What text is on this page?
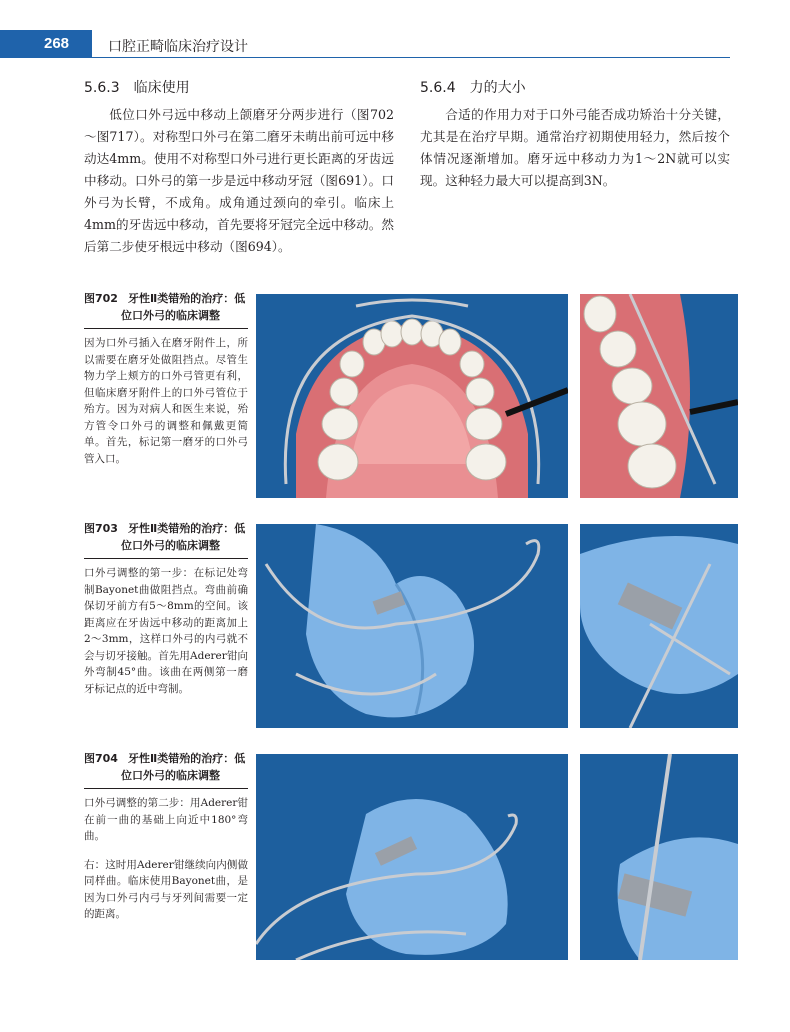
268	口腔正畸临床治疗设计
5.6.3 临床使用

低位口外弓远中移动上颌磨牙分两步进行（图702～图717）。对称型口外弓在第二磨牙未萌出前可远中移动达4mm。使用不对称型口外弓进行更长距离的牙齿远中移动。口外弓的第一步是远中移动牙冠（图691）。口外弓为长臂，不成角。成角通过颈向的牵引。临床上4mm的牙齿远中移动，首先要将牙冠完全远中移动。然后第二步使牙根远中移动（图694）。

5.6.4 力的大小

合适的作用力对于口外弓能否成功矫治十分关键，尤其是在治疗早期。通常治疗初期使用轻力，然后按个体情况逐渐增加。磨牙远中移动力为1～2N就可以实现。这种轻力最大可以提高到3N。

图702 牙性Ⅱ类错殆的治疗：低
位口外弓的临床调整

因为口外弓插入在磨牙附件上，所以需要在磨牙处做阻挡点。尽管生物力学上颊方的口外弓管更有利，但临床磨牙附件上的口外弓管位于殆方。因为对病人和医生来说，殆方管令口外弓的调整和佩戴更简单。首先，标记第一磨牙的口外弓管入口。

图703 牙性Ⅱ类错殆的治疗：低
位口外弓的临床调整

口外弓调整的第一步：在标记处弯制Bayonet曲做阻挡点。弯曲前确保切牙前方有5～8mm的空间。该距离应在牙齿远中移动的距离加上2～3mm，这样口外弓的内弓就不会与切牙接触。首先用Aderer钳向外弯制45°曲。该曲在两侧第一磨牙标记点的近中弯制。

图704 牙性Ⅱ类错殆的治疗：低
位口外弓的临床调整

口外弓调整的第二步：用Aderer钳在前一曲的基础上向近中180°弯曲。

右：这时用Aderer钳继续向内侧做同样曲。临床使用Bayonet曲，是因为口外弓内弓与牙列间需要一定的距离。
